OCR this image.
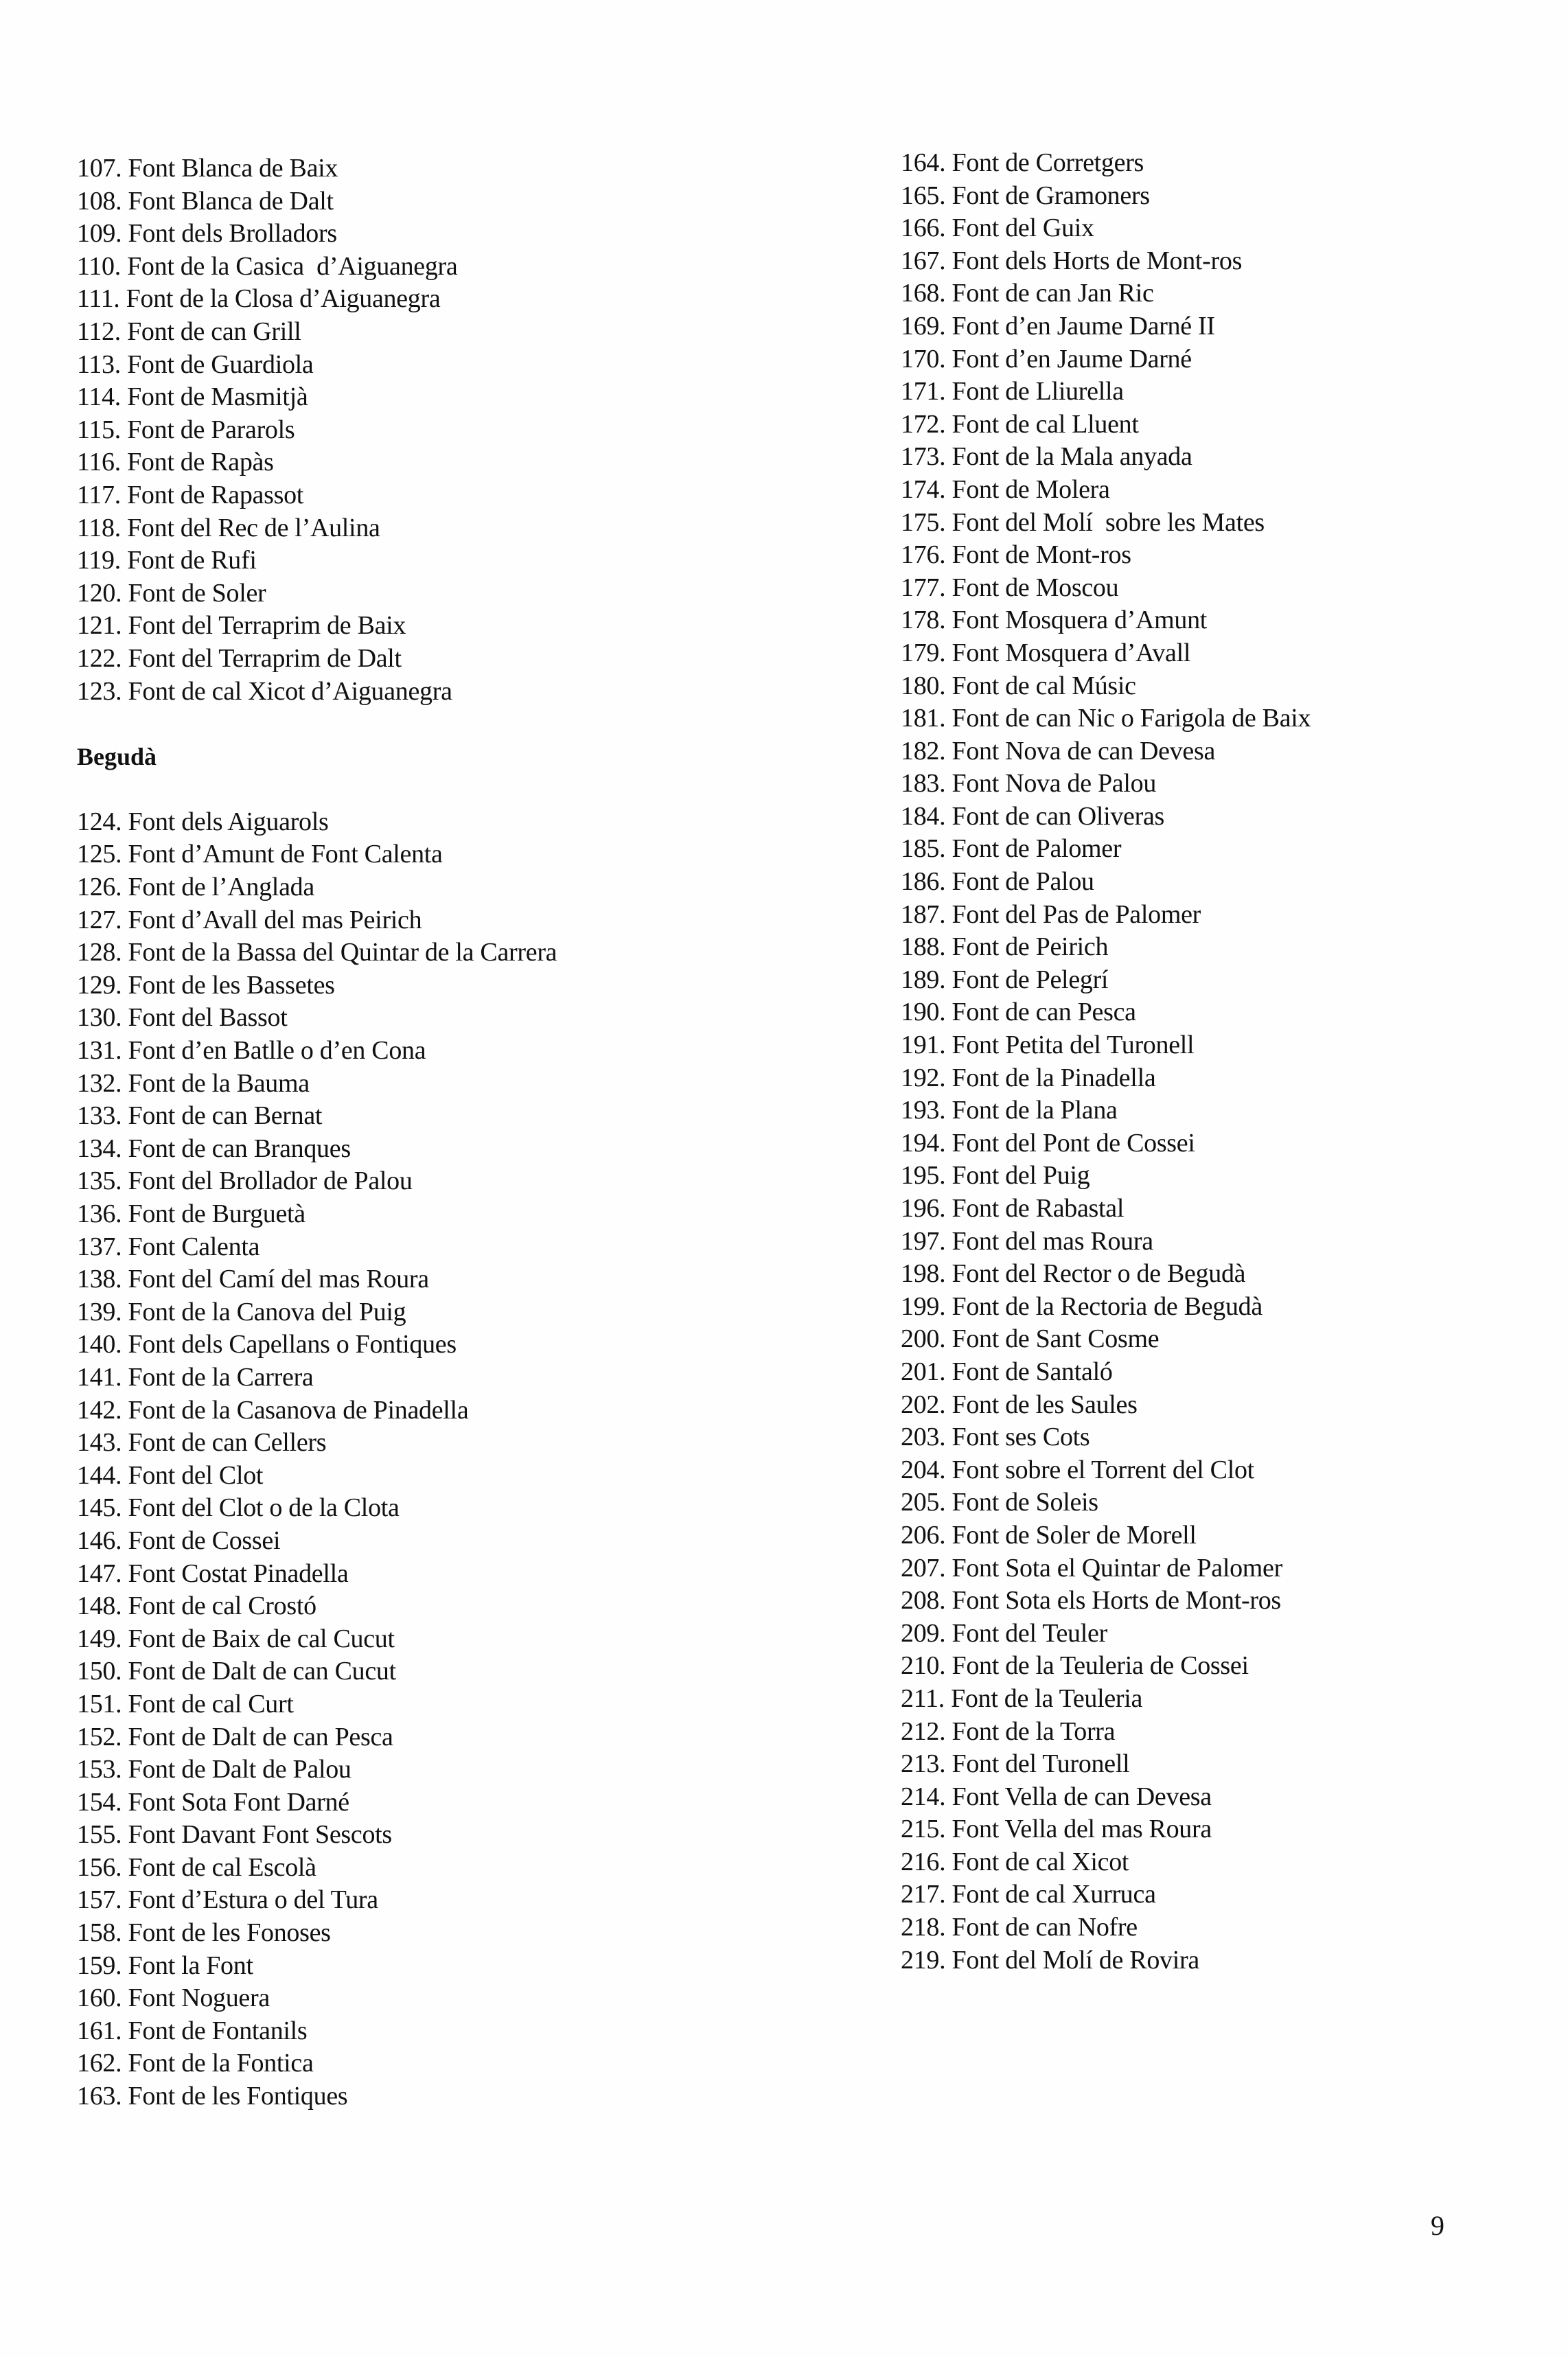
107. Font Blanca de Baix
108. Font Blanca de Dalt
109. Font dels Brolladors
110. Font de la Casica  d’Aiguanegra
111. Font de la Closa d’Aiguanegra
112. Font de can Grill
113. Font de Guardiola
114. Font de Masmitjà
115. Font de Pararols
116. Font de Rapàs
117. Font de Rapassot
118. Font del Rec de l’Aulina
119. Font de Rufi
120. Font de Soler
121. Font del Terraprim de Baix
122. Font del Terraprim de Dalt
123. Font de cal Xicot d’Aiguanegra
Begudà
124. Font dels Aiguarols
125. Font d’Amunt de Font Calenta
126. Font de l’Anglada
127. Font d’Avall del mas Peirich
128. Font de la Bassa del Quintar de la Carrera
129. Font de les Bassetes
130. Font del Bassot
131. Font d’en Batlle o d’en Cona
132. Font de la Bauma
133. Font de can Bernat
134. Font de can Branques
135. Font del Brollador de Palou
136. Font de Burguetà
137. Font Calenta
138. Font del Camí del mas Roura
139. Font de la Canova del Puig
140. Font dels Capellans o Fontiques
141. Font de la Carrera
142. Font de la Casanova de Pinadella
143. Font de can Cellers
144. Font del Clot
145. Font del Clot o de la Clota
146. Font de Cossei
147. Font Costat Pinadella
148. Font de cal Crostó
149. Font de Baix de cal Cucut
150. Font de Dalt de can Cucut
151. Font de cal Curt
152. Font de Dalt de can Pesca
153. Font de Dalt de Palou
154. Font Sota Font Darné
155. Font Davant Font Sescots
156. Font de cal Escolà
157. Font d’Estura o del Tura
158. Font de les Fonoses
159. Font la Font
160. Font Noguera
161. Font de Fontanils
162. Font de la Fontica
163. Font de les Fontiques
164. Font de Corretgers
165. Font de Gramoners
166. Font del Guix
167. Font dels Horts de Mont-ros
168. Font de can Jan Ric
169. Font d’en Jaume Darné II
170. Font d’en Jaume Darné
171. Font de Lliurella
172. Font de cal Lluent
173. Font de la Mala anyada
174. Font de Molera
175. Font del Molí  sobre les Mates
176. Font de Mont-ros
177. Font de Moscou
178. Font Mosquera d’Amunt
179. Font Mosquera d’Avall
180. Font de cal Músic
181. Font de can Nic o Farigola de Baix
182. Font Nova de can Devesa
183. Font Nova de Palou
184. Font de can Oliveras
185. Font de Palomer
186. Font de Palou
187. Font del Pas de Palomer
188. Font de Peirich
189. Font de Pelegrí
190. Font de can Pesca
191. Font Petita del Turonell
192. Font de la Pinadella
193. Font de la Plana
194. Font del Pont de Cossei
195. Font del Puig
196. Font de Rabastal
197. Font del mas Roura
198. Font del Rector o de Begudà
199. Font de la Rectoria de Begudà
200. Font de Sant Cosme
201. Font de Santaló
202. Font de les Saules
203. Font ses Cots
204. Font sobre el Torrent del Clot
205. Font de Soleis
206. Font de Soler de Morell
207. Font Sota el Quintar de Palomer
208. Font Sota els Horts de Mont-ros
209. Font del Teuler
210. Font de la Teuleria de Cossei
211. Font de la Teuleria
212. Font de la Torra
213. Font del Turonell
214. Font Vella de can Devesa
215. Font Vella del mas Roura
216. Font de cal Xicot
217. Font de cal Xurruca
218. Font de can Nofre
219. Font del Molí de Rovira
9
